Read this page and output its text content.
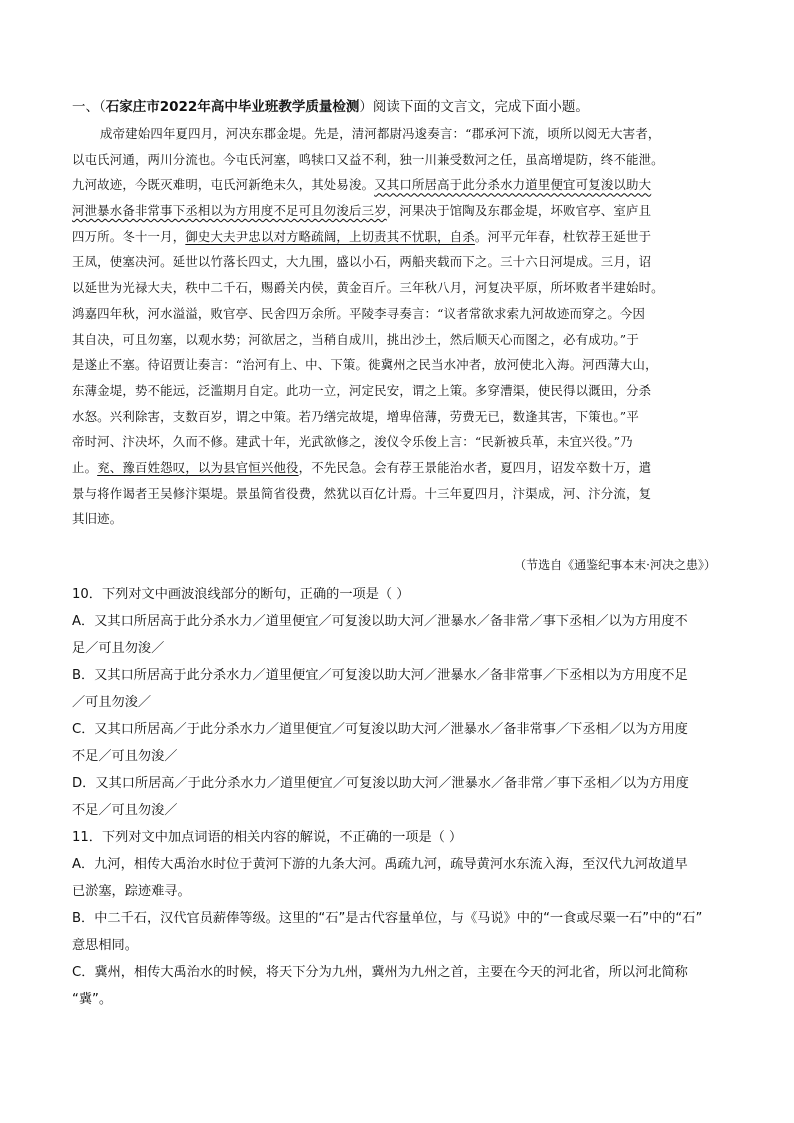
一、（石家庄市2022年高中毕业班教学质量检测）阅读下面的文言文，完成下面小题。
成帝建始四年夏四月，河决东郡金堤。先是，清河都尉冯逡奏言：“郡承河下流，顷所以阅无大害者，
以屯氏河通，两川分流也。今屯氏河塞，鸣犊口又益不利，独一川兼受数河之任，虽高增堤防，终不能泄。
九河故迹，今既灭难明，屯氏河新绝未久，其处易浚。又其口所居高于此分杀水力道里便宜可复浚以助大
河泄暴水备非常事下丞相以为方用度不足可且勿浚后三岁，河果决于馆陶及东郡金堤，坏败官亭、室庐且
四万所。冬十一月，御史大夫尹忠以对方略疏阔，上切责其不忧职，自杀。河平元年春，杜钦荐王延世于
王凤，使塞决河。延世以竹落长四丈，大九围，盛以小石，两船夹载而下之。三十六日河堤成。三月，诏
以延世为光禄大夫，秩中二千石，赐爵关内侯，黄金百斤。三年秋八月，河复决平原，所坏败者半建始时。
鸿嘉四年秋，河水溢溢，败官亭、民舍四万余所。平陵李寻奏言：“议者常欲求索九河故迹而穿之。今因
其自决，可且勿塞，以观水势；河欲居之，当稍自成川，挑出沙土，然后顺天心而图之，必有成功。”于
是遂止不塞。待诏贾让奏言：“治河有上、中、下策。徙冀州之民当水冲者，放河使北入海。河西薄大山，
东薄金堤，势不能远，泛滥期月自定。此功一立，河定民安，谓之上策。多穿漕渠，使民得以溉田，分杀
水怒。兴利除害，支数百岁，谓之中策。若乃缮完故堤，增卑倍薄，劳费无已，数逢其害，下策也。”平
帝时河、汴决坏，久而不修。建武十年，光武欲修之，浚仪令乐俊上言：“民新被兵革，未宜兴役。”乃
止。兖、豫百姓怨叹，以为县官恒兴他役，不先民急。会有荐王景能治水者，夏四月，诏发卒数十万，遣
景与将作谒者王吴修汴渠堤。景虽简省役费，然犹以百亿计焉。十三年夏四月，汴渠成，河、汴分流，复
其旧迹。
（节选自《通鉴纪事本末·河决之患》）
10．下列对文中画波浪线部分的断句，正确的一项是（ ）
A．又其口所居高于此分杀水力／道里便宜／可复浚以助大河／泄暴水／备非常／事下丞相／以为方用度不
足／可且勿浚／
B．又其口所居高于此分杀水力／道里便宜／可复浚以助大河／泄暴水／备非常事／下丞相以为方用度不足
／可且勿浚／
C．又其口所居高／于此分杀水力／道里便宜／可复浚以助大河／泄暴水／备非常事／下丞相／以为方用度
不足／可且勿浚／
D．又其口所居高／于此分杀水力／道里便宜／可复浚以助大河／泄暴水／备非常／事下丞相／以为方用度
不足／可且勿浚／
11．下列对文中加点词语的相关内容的解说，不正确的一项是（ ）
A．九河，相传大禹治水时位于黄河下游的九条大河。禹疏九河，疏导黄河水东流入海，至汉代九河故道早
已淤塞，踪迹难寻。
B．中二千石，汉代官员薪俸等级。这里的“石”是古代容量单位，与《马说》中的“一食或尽粟一石”中的“石”
意思相同。
C．冀州，相传大禹治水的时候，将天下分为九州，冀州为九州之首，主要在今天的河北省，所以河北简称
“冀”。
